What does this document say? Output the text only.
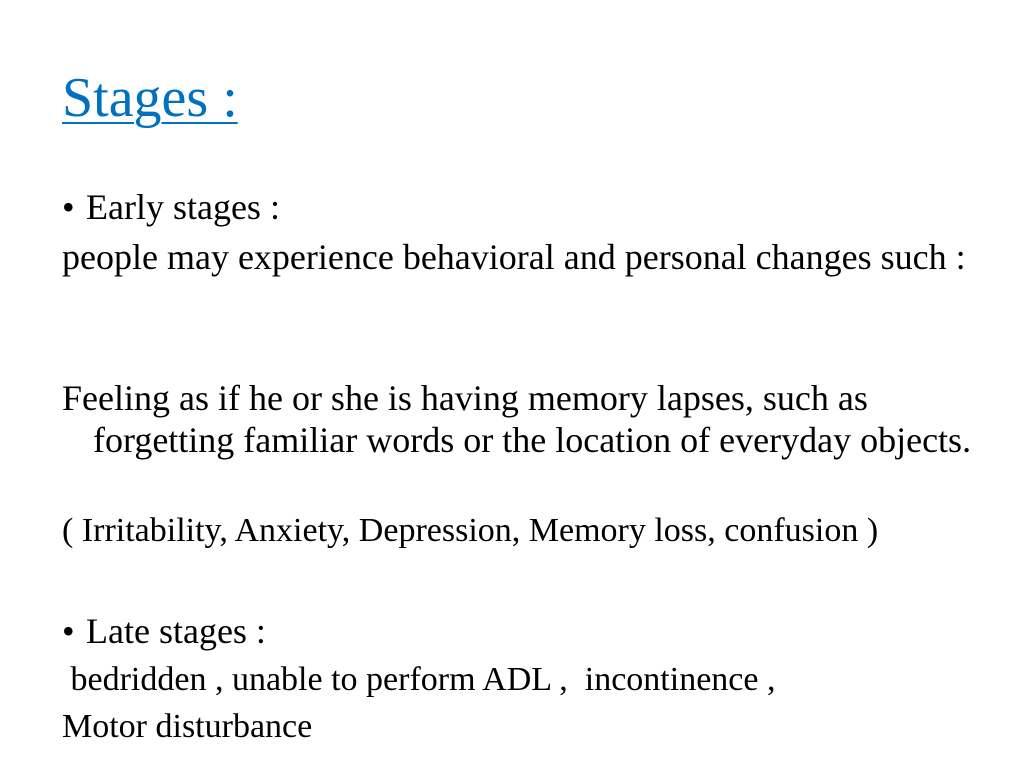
Stages :

• Early stages :

people may experience behavioral and personal changes such :

Feeling as if he or she is having memory lapses, such as forgetting familiar words or the location of everyday objects.

( Irritability, Anxiety, Depression, Memory loss, confusion )

• Late stages :

bedridden , unable to perform ADL ,  incontinence ,

Motor disturbance
